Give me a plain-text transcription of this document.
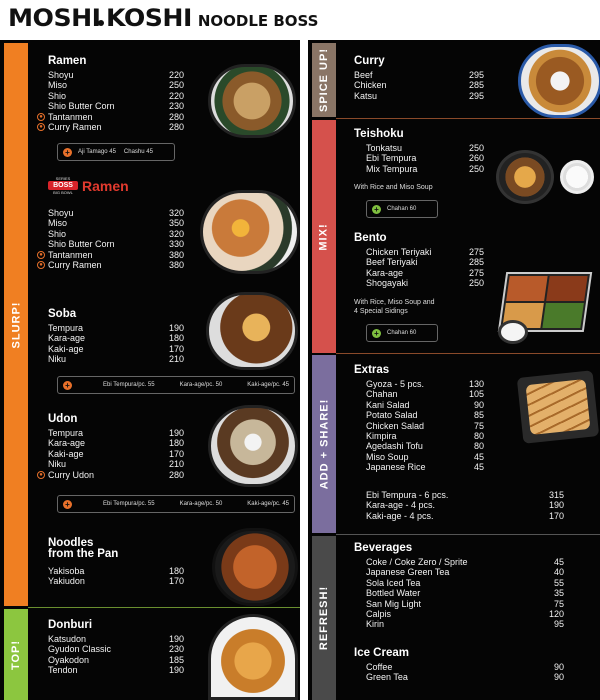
MOSHI KOSHI NOODLE BOSS
SLURP!
TOP!
SPICE UP!
MIX!
ADD + SHARE!
REFRESH!
Ramen
Shoyu	220
Miso	250
Shio	220
Shio Butter Corn	230
● Tantanmen	280
● Curry Ramen	280
+	Aji Tamago 45 Chashu 45
SERIES
BOSS
BIG BOWL Ramen
Shoyu	320
Miso	350
Shio	320
Shio Butter Corn	330
● Tantanmen	380
● Curry Ramen	380
Soba
Tempura	190
Kara-age	180
Kaki-age	170
Niku	210
+	Ebi Tempura/pc. 55	Kara-age/pc. 50	Kaki-age/pc. 45
Udon
Tempura	190
Kara-age	180
Kaki-age	170
Niku	210
● Curry Udon	280
+	Ebi Tempura/pc. 55	Kara-age/pc. 50	Kaki-age/pc. 45
Noodles
from the Pan
Yakisoba	180
Yakiudon	170
Donburi
Katsudon	190
Gyudon Classic	230
Oyakodon	185
Tendon	190
Curry
Beef	295
Chicken	285
Katsu	295
Teishoku
Tonkatsu	250
Ebi Tempura	260
Mix Tempura	250
With Rice and Miso Soup
+	Chahan 60
Bento
Chicken Teriyaki	275
Beef Teriyaki	285
Kara-age	275
Shogayaki	250
With Rice, Miso Soup and
4 Special Sidings
+	Chahan 60
Extras
Gyoza - 5 pcs.	130
Chahan	105
Kani Salad	90
Potato Salad	85
Chicken Salad	75
Kimpira	80
Agedashi Tofu	80
Miso Soup	45
Japanese Rice	45
Ebi Tempura - 6 pcs.	315
Kara-age - 4 pcs.	190
Kaki-age - 4 pcs.	170
Beverages
Coke / Coke Zero / Sprite	45
Japanese Green Tea	40
Sola Iced Tea	55
Bottled Water	35
San Mig Light	75
Calpis	120
Kirin	95
Ice Cream
Coffee	90
Green Tea	90
